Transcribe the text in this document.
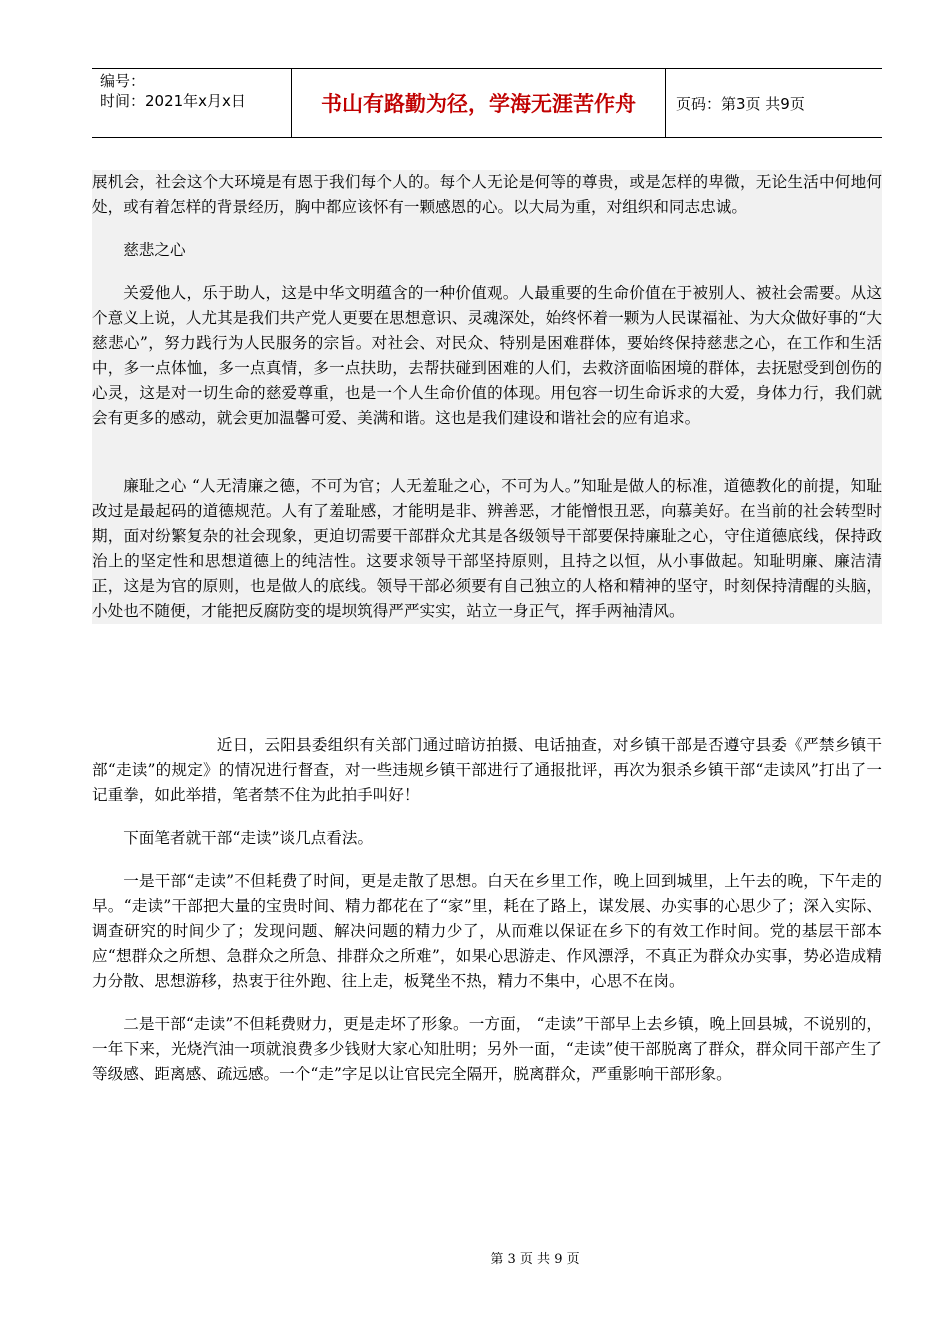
编号：
时间：2021年x月x日	书山有路勤为径，学海无涯苦作舟	页码：第3页 共9页

展机会，社会这个大环境是有恩于我们每个人的。每个人无论是何等的尊贵，或是怎样的卑微，无论生活中何地何处，或有着怎样的背景经历，胸中都应该怀有一颗感恩的心。以大局为重，对组织和同志忠诚。

慈悲之心

关爱他人，乐于助人，这是中华文明蕴含的一种价值观。人最重要的生命价值在于被别人、被社会需要。从这个意义上说，人尤其是我们共产党人更要在思想意识、灵魂深处，始终怀着一颗为人民谋福祉、为大众做好事的“大慈悲心”，努力践行为人民服务的宗旨。对社会、对民众、特别是困难群体，要始终保持慈悲之心，在工作和生活中，多一点体恤，多一点真情，多一点扶助，去帮扶碰到困难的人们，去救济面临困境的群体，去抚慰受到创伤的心灵，这是对一切生命的慈爱尊重，也是一个人生命价值的体现。用包容一切生命诉求的大爱，身体力行，我们就会有更多的感动，就会更加温馨可爱、美满和谐。这也是我们建设和谐社会的应有追求。

廉耻之心 “人无清廉之德，不可为官；人无羞耻之心，不可为人。”知耻是做人的标准，道德教化的前提，知耻改过是最起码的道德规范。人有了羞耻感，才能明是非、辨善恶，才能憎恨丑恶，向慕美好。在当前的社会转型时期，面对纷繁复杂的社会现象，更迫切需要干部群众尤其是各级领导干部要保持廉耻之心，守住道德底线，保持政治上的坚定性和思想道德上的纯洁性。这要求领导干部坚持原则，且持之以恒，从小事做起。知耻明廉、廉洁清正，这是为官的原则，也是做人的底线。领导干部必须要有自己独立的人格和精神的坚守，时刻保持清醒的头脑，小处也不随便，才能把反腐防变的堤坝筑得严严实实，站立一身正气，挥手两袖清风。

近日，云阳县委组织有关部门通过暗访拍摄、电话抽查，对乡镇干部是否遵守县委《严禁乡镇干部“走读”的规定》的情况进行督查，对一些违规乡镇干部进行了通报批评，再次为狠杀乡镇干部“走读风”打出了一记重拳，如此举措，笔者禁不住为此拍手叫好！

下面笔者就干部“走读”谈几点看法。

一是干部“走读”不但耗费了时间，更是走散了思想。白天在乡里工作，晚上回到城里，上午去的晚，下午走的早。“走读”干部把大量的宝贵时间、精力都花在了“家”里，耗在了路上，谋发展、办实事的心思少了；深入实际、调查研究的时间少了；发现问题、解决问题的精力少了，从而难以保证在乡下的有效工作时间。党的基层干部本应“想群众之所想、急群众之所急、排群众之所难”，如果心思游走、作风漂浮，不真正为群众办实事，势必造成精力分散、思想游移，热衷于往外跑、往上走，板凳坐不热，精力不集中，心思不在岗。

二是干部“走读”不但耗费财力，更是走坏了形象。一方面， “走读”干部早上去乡镇，晚上回县城，不说别的，一年下来，光烧汽油一项就浪费多少钱财大家心知肚明；另外一面，“走读”使干部脱离了群众，群众同干部产生了等级感、距离感、疏远感。一个“走”字足以让官民完全隔开，脱离群众，严重影响干部形象。

第 3 页 共 9 页
